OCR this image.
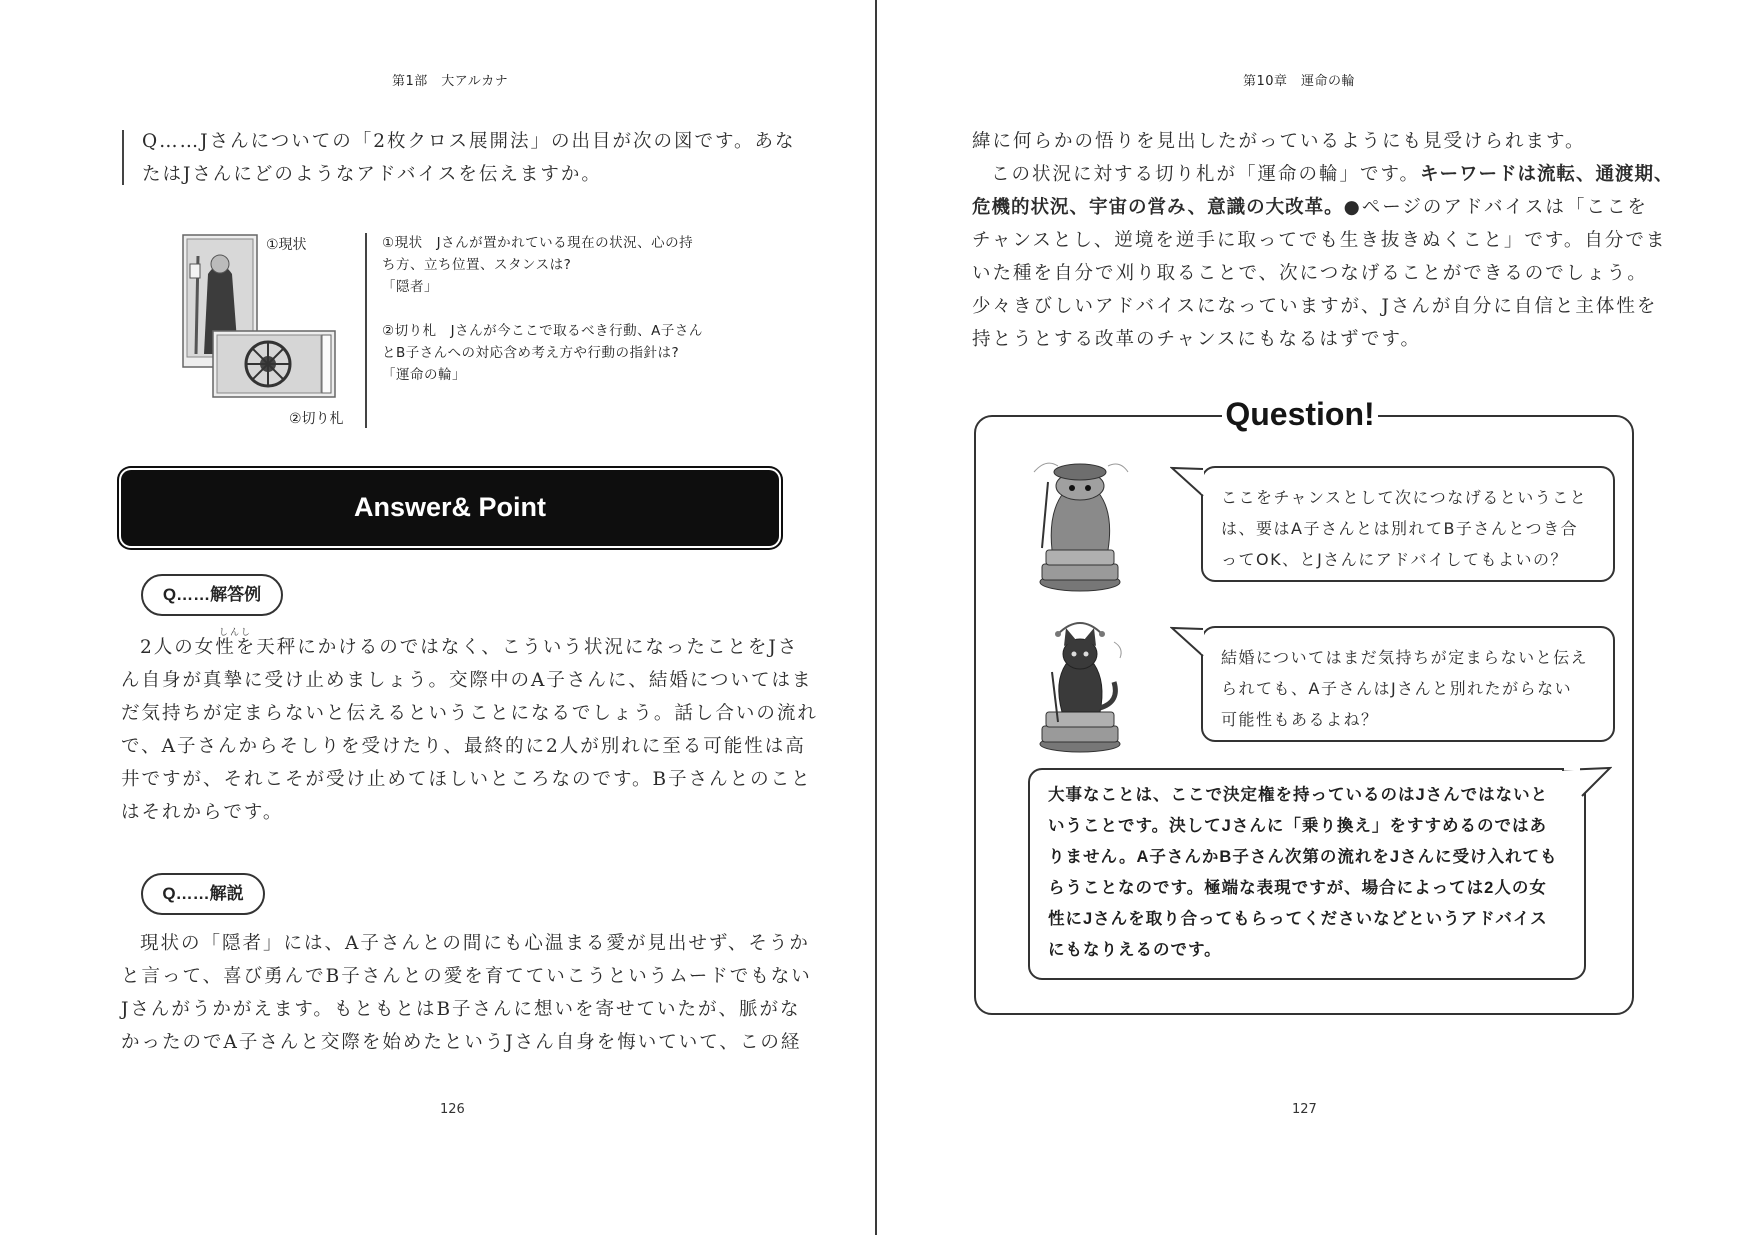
第1部　大アルカナ
Q……Jさんについての「2枚クロス展開法」の出目が次の図です。あな
たはJさんにどのようなアドバイスを伝えますか。
①現状
②切り札
①現状　Jさんが置かれている現在の状況、心の持
ち方、立ち位置、スタンスは?
「隠者」
②切り札　Jさんが今ここで取るべき行動、A子さん
とB子さんへの対応含め考え方や行動の指針は?
「運命の輪」
Answer& Point
Q……解答例
しんし
2人の女性を天秤にかけるのではなく、こういう状況になったことをJさ
ん自身が真摯に受け止めましょう。交際中のA子さんに、結婚についてはま
だ気持ちが定まらないと伝えるということになるでしょう。話し合いの流れ
で、A子さんからそしりを受けたり、最終的に2人が別れに至る可能性は高
井ですが、それこそが受け止めてほしいところなのです。B子さんとのこと
はそれからです。
Q……解説
現状の「隠者」には、A子さんとの間にも心温まる愛が見出せず、そうか
と言って、喜び勇んでB子さんとの愛を育てていこうというムードでもない
Jさんがうかがえます。もともとはB子さんに想いを寄せていたが、脈がな
かったのでA子さんと交際を始めたというJさん自身を悔いていて、この経
126
第10章　運命の輪
緯に何らかの悟りを見出したがっているようにも見受けられます。
この状況に対する切り札が「運命の輪」です。キーワードは流転、通渡期、
危機的状況、宇宙の営み、意識の大改革。●ページのアドバイスは「ここを
チャンスとし、逆境を逆手に取ってでも生き抜きぬくこと」です。自分でま
いた種を自分で刈り取ることで、次につなげることができるのでしょう。
少々きびしいアドバイスになっていますが、Jさんが自分に自信と主体性を
持とうとする改革のチャンスにもなるはずです。
Question!
ここをチャンスとして次につなげるということ
は、要はA子さんとは別れてB子さんとつき合
ってOK、とJさんにアドバイしてもよいの？
結婚についてはまだ気持ちが定まらないと伝え
られても、A子さんはJさんと別れたがらない
可能性もあるよね？
大事なことは、ここで決定権を持っているのはJさんではないと
いうことです。決してJさんに「乗り換え」をすすめるのではあ
りません。A子さんかB子さん次第の流れをJさんに受け入れても
らうことなのです。極端な表現ですが、場合によっては2人の女
性にJさんを取り合ってもらってくださいなどというアドバイス
にもなりえるのです。
127
